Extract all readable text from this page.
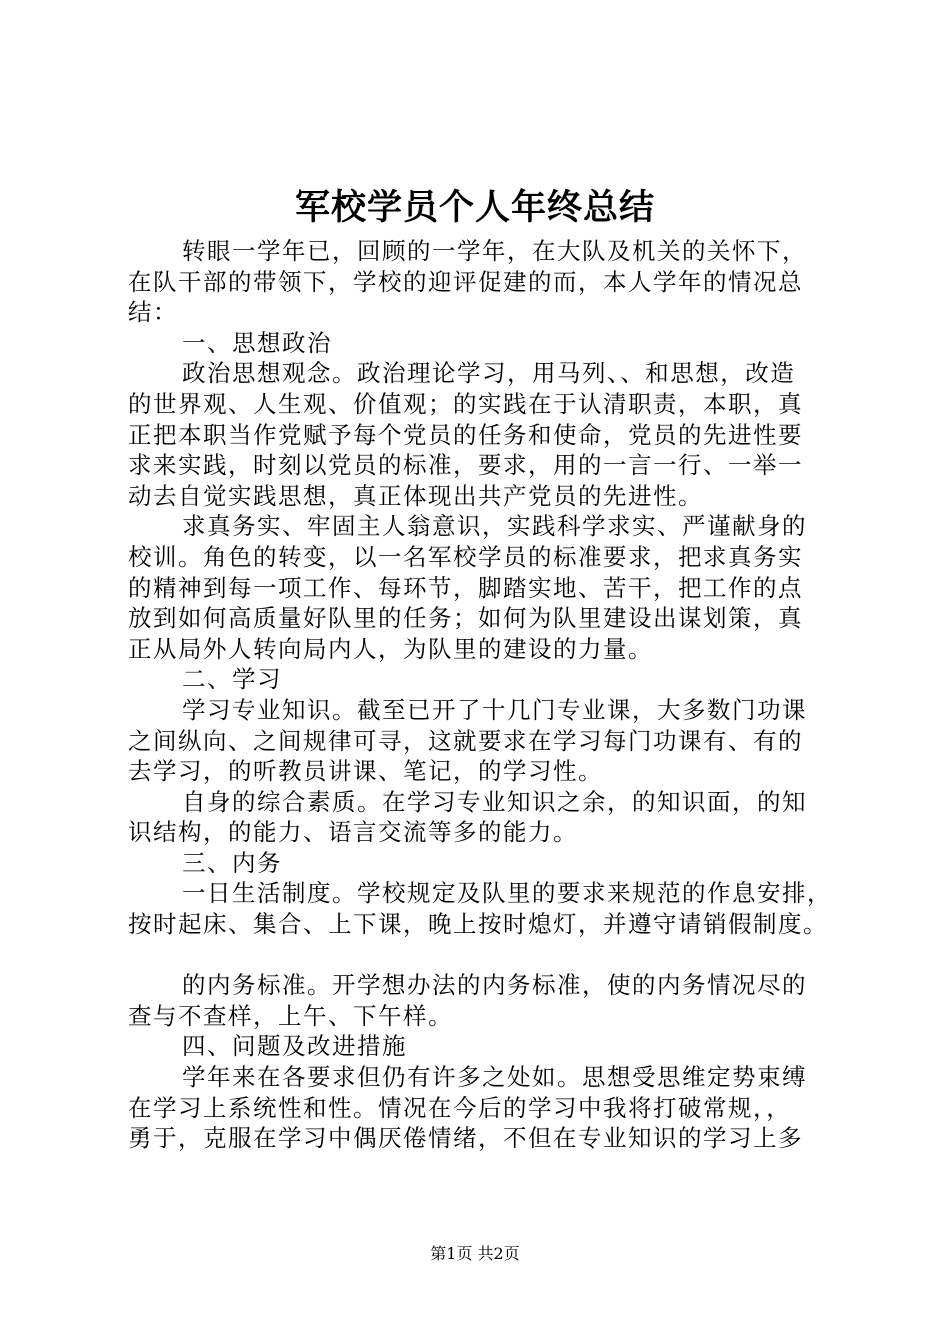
军校学员个人年终总结
转眼一学年已，回顾的一学年，在大队及机关的关怀下，
在队干部的带领下，学校的迎评促建的而，本人学年的情况总
结：
一、思想政治
政治思想观念。政治理论学习，用马列、、和思想，改造
的世界观、人生观、价值观；的实践在于认清职责，本职，真
正把本职当作党赋予每个党员的任务和使命，党员的先进性要
求来实践，时刻以党员的标准，要求，用的一言一行、一举一
动去自觉实践思想，真正体现出共产党员的先进性。
求真务实、牢固主人翁意识，实践科学求实、严谨献身的
校训。角色的转变，以一名军校学员的标准要求，把求真务实
的精神到每一项工作、每环节，脚踏实地、苦干，把工作的点
放到如何高质量好队里的任务；如何为队里建设出谋划策，真
正从局外人转向局内人，为队里的建设的力量。
二、学习
学习专业知识。截至已开了十几门专业课，大多数门功课
之间纵向、之间规律可寻，这就要求在学习每门功课有、有的
去学习，的听教员讲课、笔记，的学习性。
自身的综合素质。在学习专业知识之余，的知识面，的知
识结构，的能力、语言交流等多的能力。
三、内务
一日生活制度。学校规定及队里的要求来规范的作息安排，
按时起床、集合、上下课，晚上按时熄灯，并遵守请销假制度。
的内务标准。开学想办法的内务标准，使的内务情况尽的
查与不查样，上午、下午样。
四、问题及改进措施
学年来在各要求但仍有许多之处如。思想受思维定势束缚
在学习上系统性和性。情况在今后的学习中我将打破常规，，
勇于，克服在学习中偶厌倦情绪，不但在专业知识的学习上多
第1页 共2页
